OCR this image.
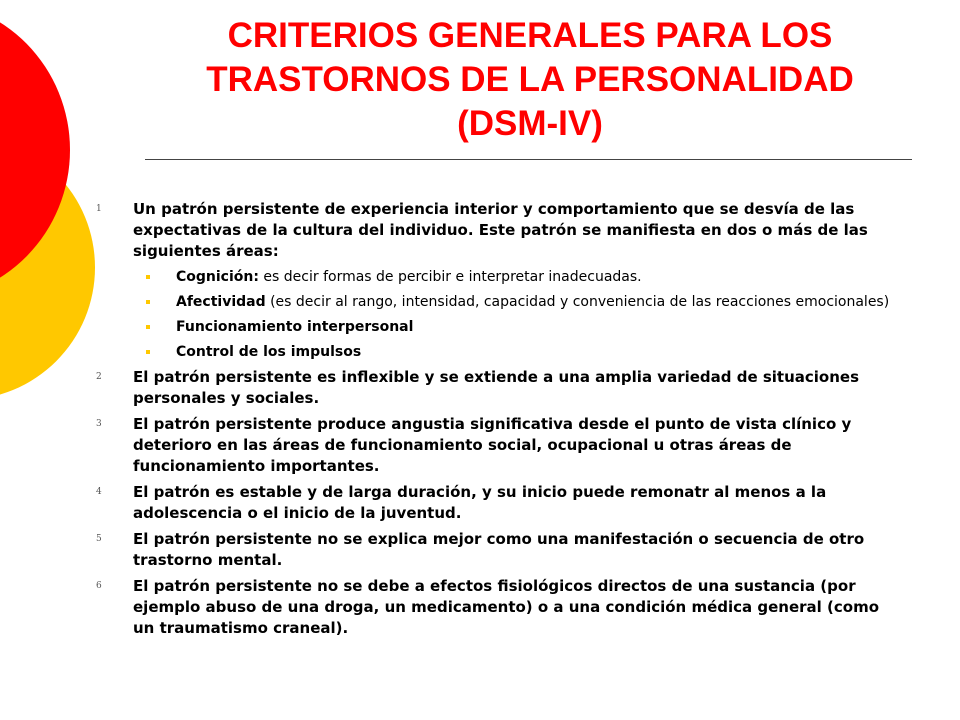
CRITERIOS GENERALES PARA LOS
TRASTORNOS DE LA PERSONALIDAD
(DSM-IV)
1 Un patrón persistente de experiencia interior y comportamiento que se desvía de las expectativas de la cultura del individuo. Este patrón se manifiesta en dos o más de las siguientes áreas:
Cognición: es decir formas de percibir e interpretar inadecuadas.
Afectividad (es decir al rango, intensidad, capacidad y conveniencia de las reacciones emocionales)
Funcionamiento interpersonal
Control de los impulsos
2 El patrón persistente es inflexible y se extiende a una amplia variedad de situaciones personales y sociales.
3 El patrón persistente produce angustia significativa desde el punto de vista clínico y deterioro en las áreas de funcionamiento social, ocupacional u otras áreas de funcionamiento importantes.
4 El patrón es estable y de larga duración, y su inicio puede remonatr al menos a la adolescencia o el inicio de la juventud.
5 El patrón persistente no se explica mejor como una manifestación o secuencia de otro trastorno mental.
6 El patrón persistente no se debe a efectos fisiológicos directos de una sustancia (por ejemplo abuso de una droga, un medicamento) o a una condición médica general (como un traumatismo craneal).
